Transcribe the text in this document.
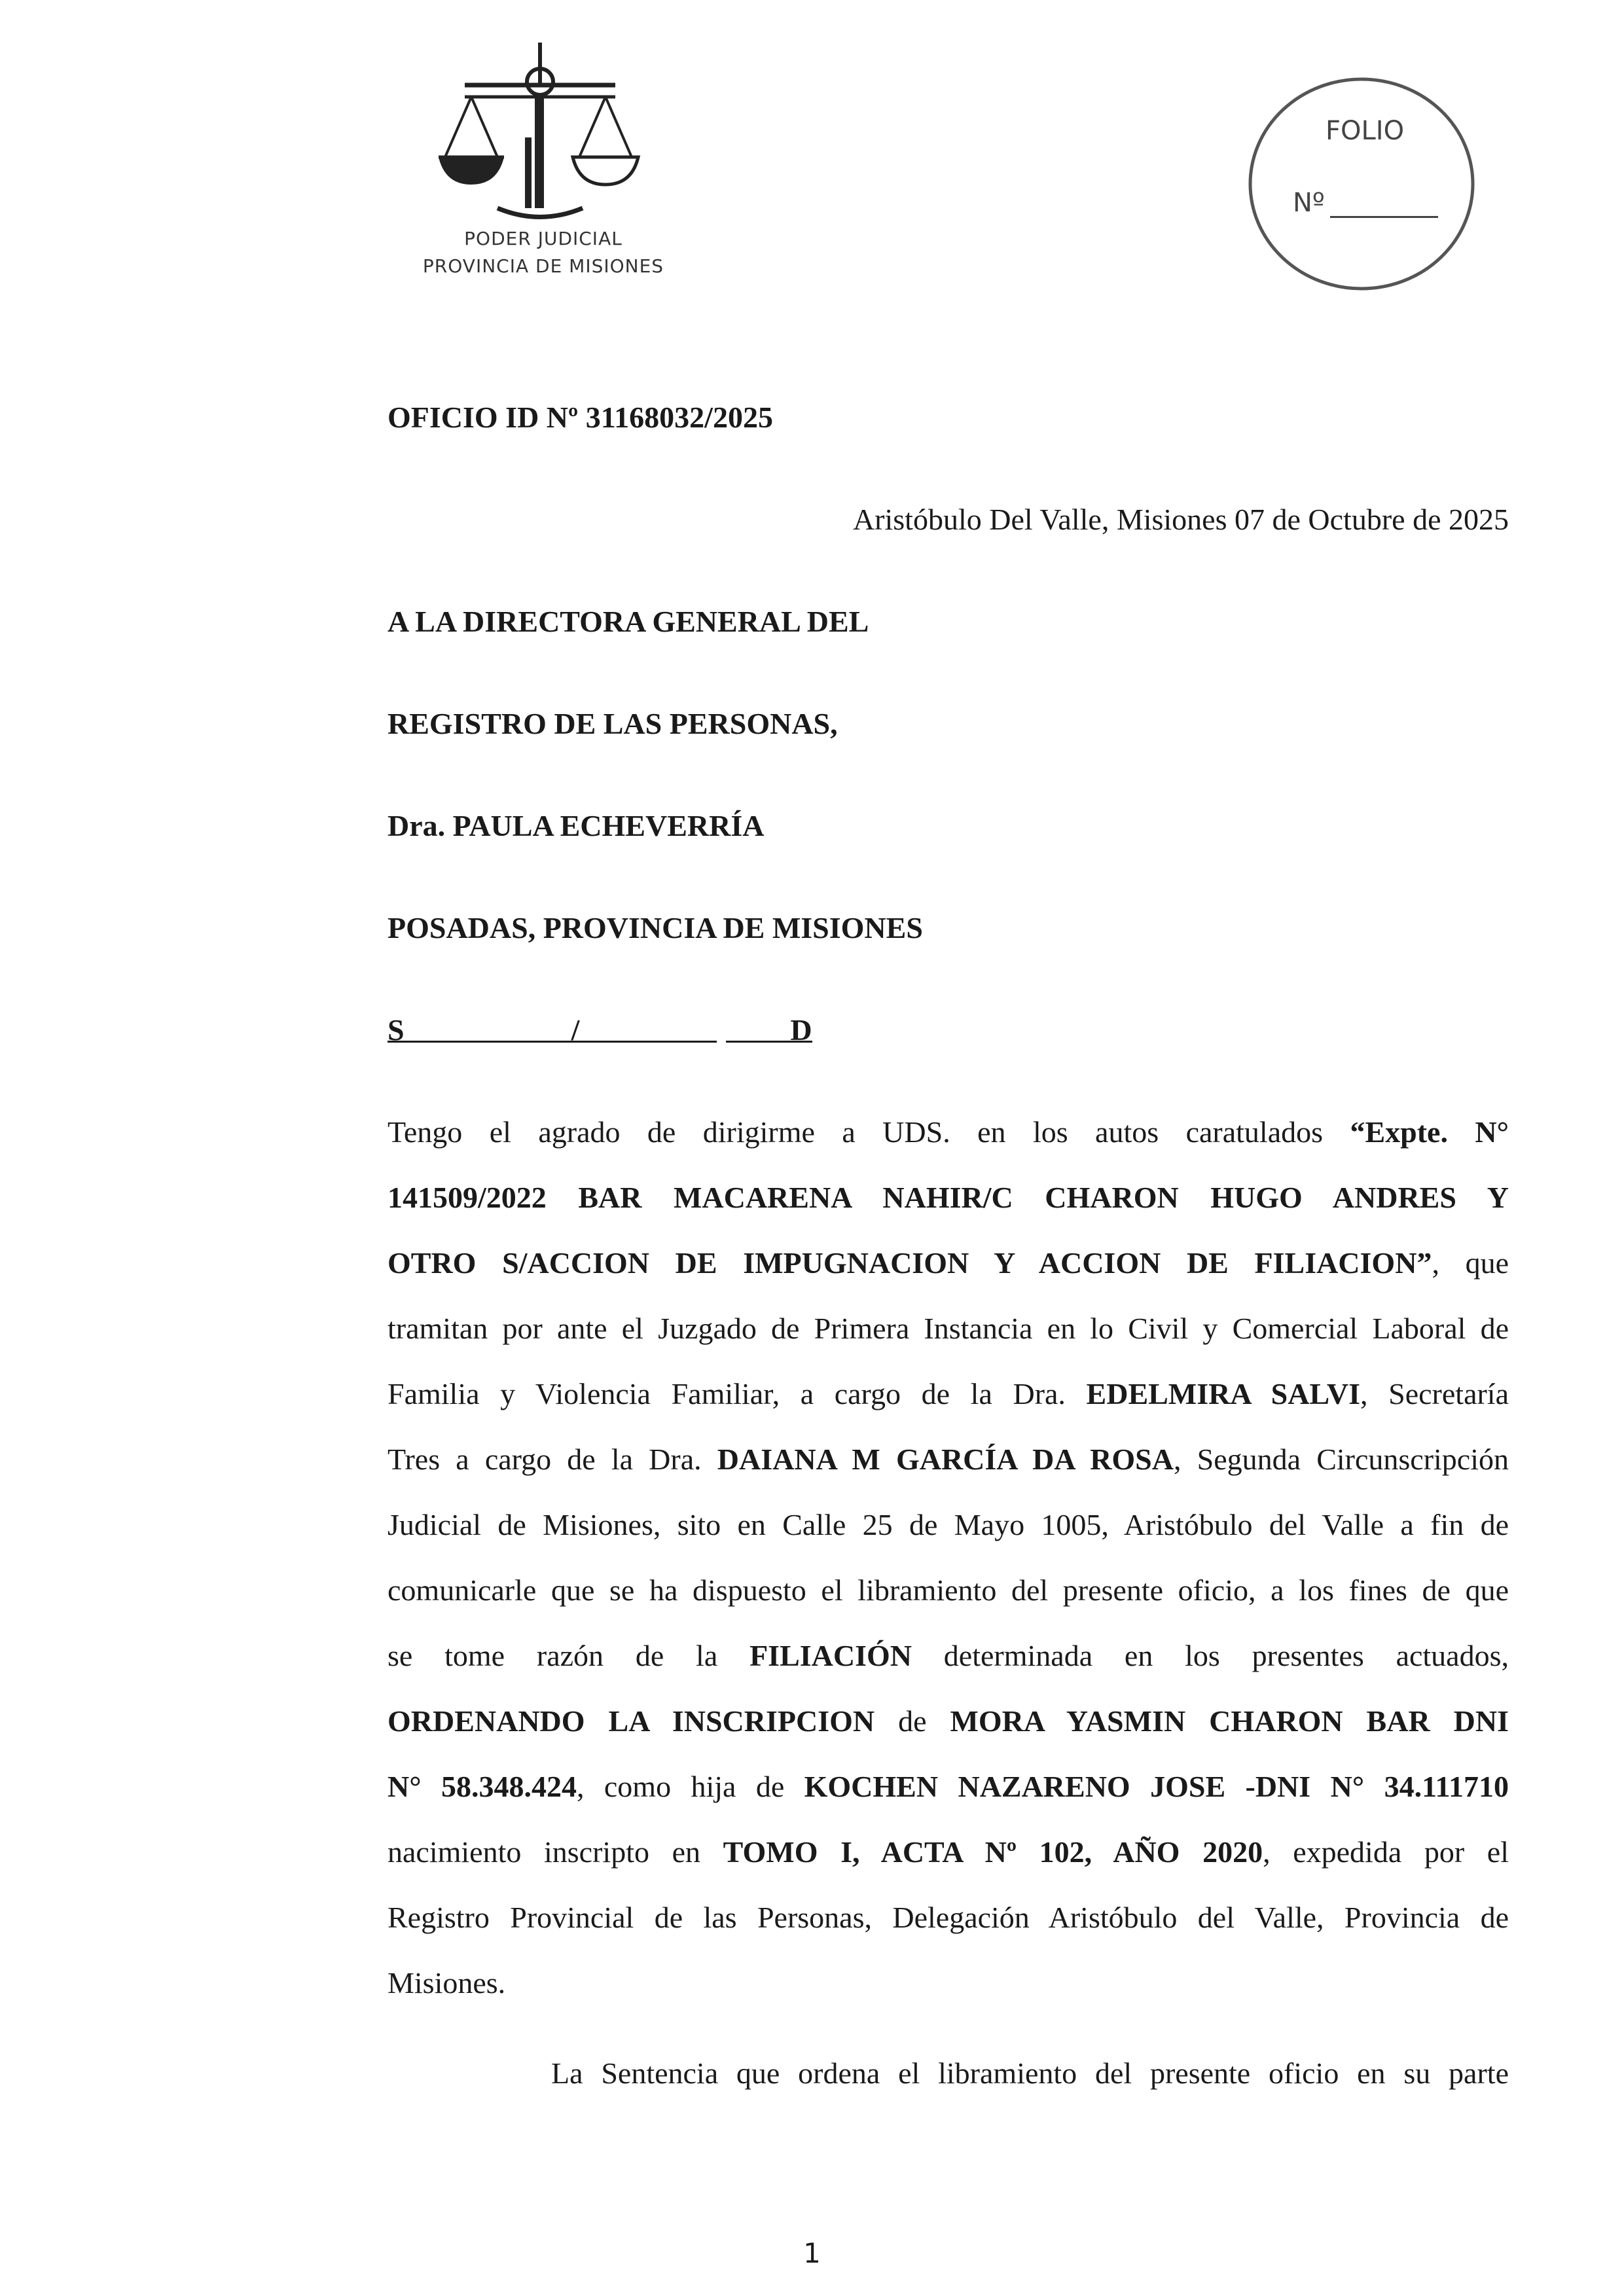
PODER JUDICIAL
PROVINCIA DE MISIONES
FOLIO
Nº
OFICIO ID Nº 31168032/2025
Aristóbulo Del Valle, Misiones 07 de Octubre de 2025
A LA DIRECTORA GENERAL DEL
REGISTRO DE LAS PERSONAS,
Dra. PAULA ECHEVERRÍA
POSADAS, PROVINCIA DE MISIONES
S	/	D
Tengo el agrado de dirigirme a UDS. en los autos caratulados “Expte. N°
141509/2022 BAR MACARENA NAHIR/C CHARON HUGO ANDRES Y
OTRO S/ACCION DE IMPUGNACION Y ACCION DE FILIACION”, que
tramitan por ante el Juzgado de Primera Instancia en lo Civil y Comercial Laboral de
Familia y Violencia Familiar, a cargo de la Dra. EDELMIRA SALVI, Secretaría
Tres a cargo de la Dra. DAIANA M GARCÍA DA ROSA, Segunda Circunscripción
Judicial de Misiones, sito en Calle 25 de Mayo 1005, Aristóbulo del Valle a fin de
comunicarle que se ha dispuesto el libramiento del presente oficio, a los fines de que
se tome razón de la FILIACIÓN determinada en los presentes actuados,
ORDENANDO LA INSCRIPCION de MORA YASMIN CHARON BAR DNI
N° 58.348.424, como hija de KOCHEN NAZARENO JOSE -DNI N° 34.111710
nacimiento inscripto en TOMO I, ACTA Nº 102, AÑO 2020, expedida por el
Registro Provincial de las Personas, Delegación Aristóbulo del Valle, Provincia de
Misiones.
La Sentencia que ordena el libramiento del presente oficio en su parte
1
